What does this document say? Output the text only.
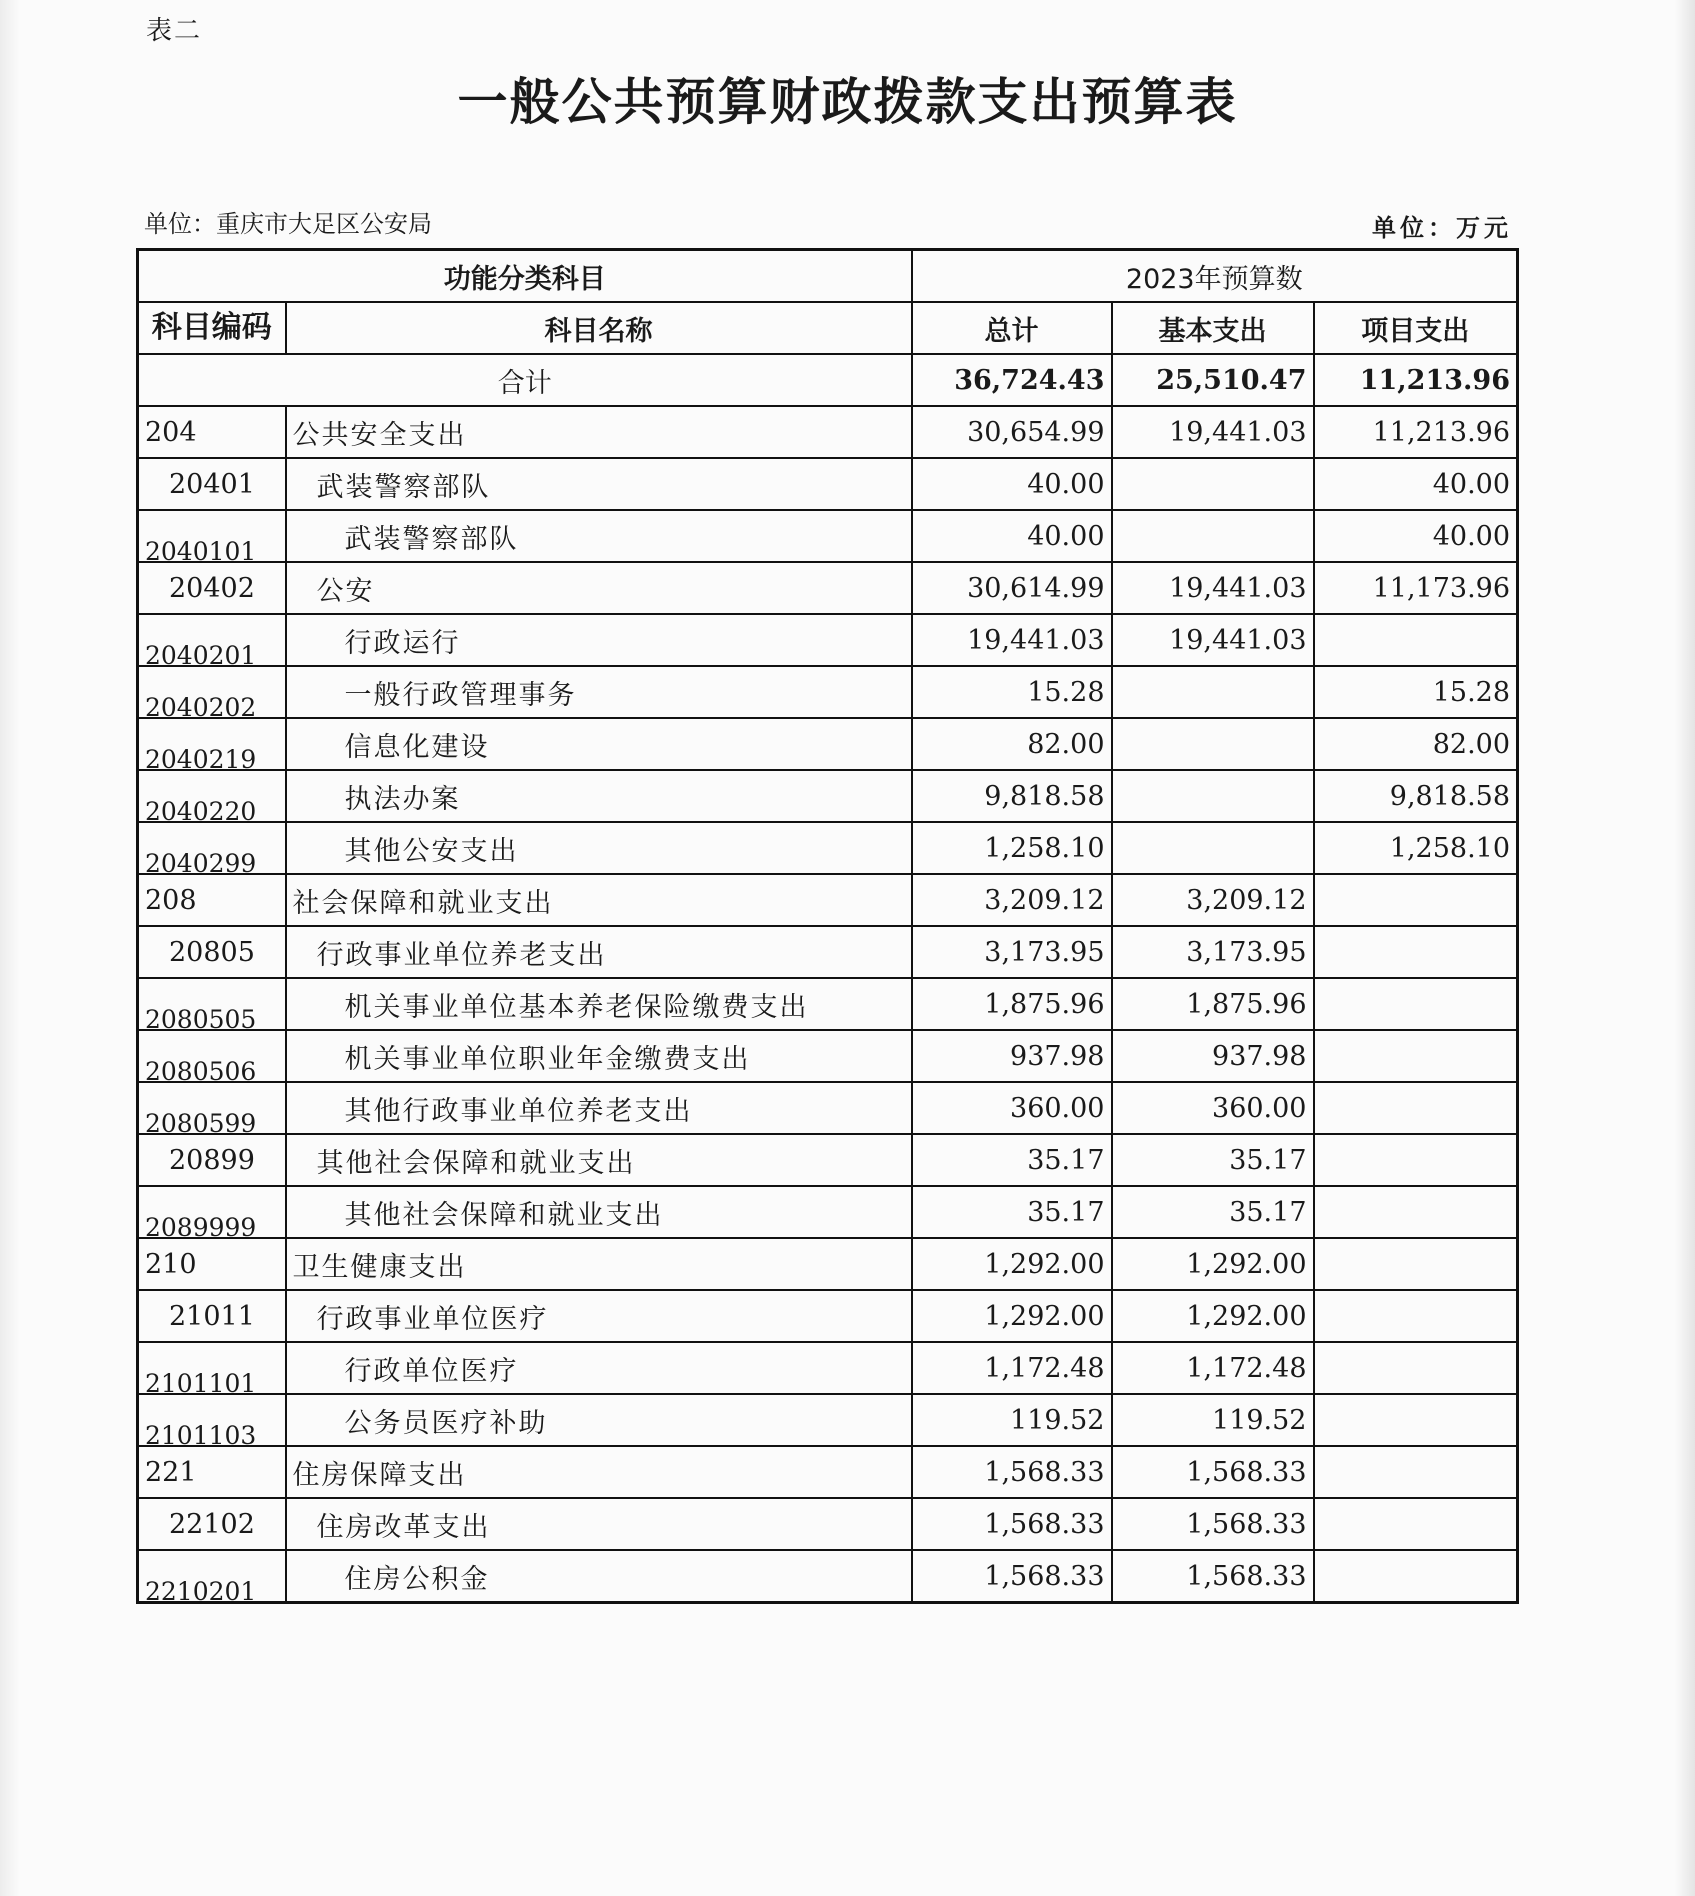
表二
一般公共预算财政拨款支出预算表
单位：重庆市大足区公安局	单位：万元
功能分类科目		2023年预算数		
科目编码	科目名称	总计	基本支出	项目支出
合计		36,724.43	25,510.47	11,213.96
204	公共安全支出	30,654.99	19,441.03	11,213.96
20401	武装警察部队	40.00		40.00
2040101	武装警察部队	40.00		40.00
20402	公安	30,614.99	19,441.03	11,173.96
2040201	行政运行	19,441.03	19,441.03	
2040202	一般行政管理事务	15.28		15.28
2040219	信息化建设	82.00		82.00
2040220	执法办案	9,818.58		9,818.58
2040299	其他公安支出	1,258.10		1,258.10
208	社会保障和就业支出	3,209.12	3,209.12	
20805	行政事业单位养老支出	3,173.95	3,173.95	
2080505	机关事业单位基本养老保险缴费支出	1,875.96	1,875.96	
2080506	机关事业单位职业年金缴费支出	937.98	937.98	
2080599	其他行政事业单位养老支出	360.00	360.00	
20899	其他社会保障和就业支出	35.17	35.17	
2089999	其他社会保障和就业支出	35.17	35.17	
210	卫生健康支出	1,292.00	1,292.00	
21011	行政事业单位医疗	1,292.00	1,292.00	
2101101	行政单位医疗	1,172.48	1,172.48	
2101103	公务员医疗补助	119.52	119.52	
221	住房保障支出	1,568.33	1,568.33	
22102	住房改革支出	1,568.33	1,568.33	
2210201	住房公积金	1,568.33	1,568.33	
